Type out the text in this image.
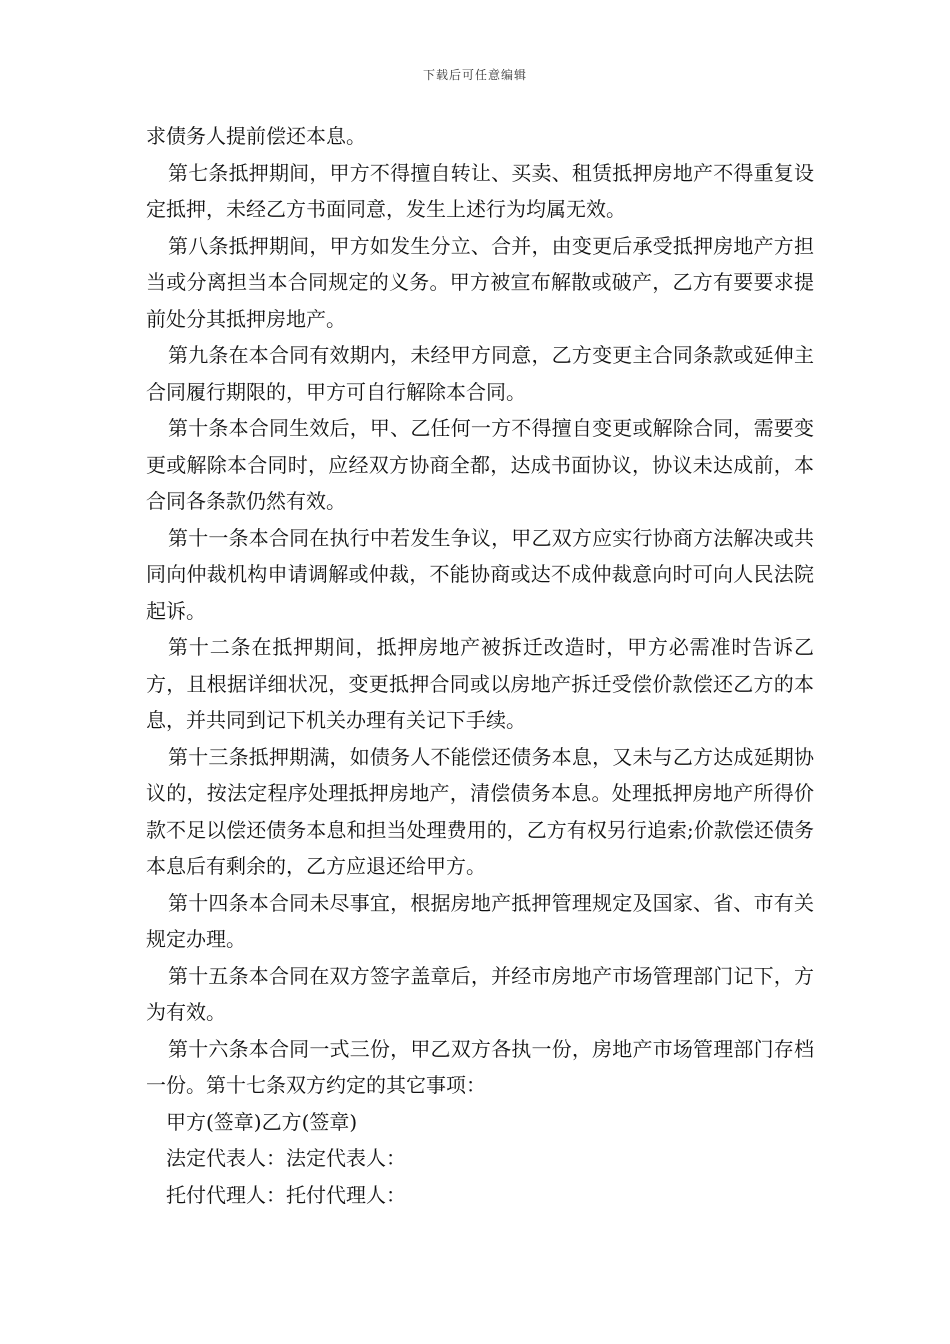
下载后可任意编辑

求债务人提前偿还本息。

第七条抵押期间，甲方不得擅自转让、买卖、租赁抵押房地产不得重复设定抵押，未经乙方书面同意，发生上述行为均属无效。

第八条抵押期间，甲方如发生分立、合并，由变更后承受抵押房地产方担当或分离担当本合同规定的义务。甲方被宣布解散或破产，乙方有要要求提前处分其抵押房地产。

第九条在本合同有效期内，未经甲方同意，乙方变更主合同条款或延伸主合同履行期限的，甲方可自行解除本合同。

第十条本合同生效后，甲、乙任何一方不得擅自变更或解除合同，需要变更或解除本合同时，应经双方协商全都，达成书面协议，协议未达成前，本合同各条款仍然有效。

第十一条本合同在执行中若发生争议，甲乙双方应实行协商方法解决或共同向仲裁机构申请调解或仲裁，不能协商或达不成仲裁意向时可向人民法院起诉。

第十二条在抵押期间，抵押房地产被拆迁改造时，甲方必需准时告诉乙方，且根据详细状况，变更抵押合同或以房地产拆迁受偿价款偿还乙方的本息，并共同到记下机关办理有关记下手续。

第十三条抵押期满，如债务人不能偿还债务本息，又未与乙方达成延期协议的，按法定程序处理抵押房地产，清偿债务本息。处理抵押房地产所得价款不足以偿还债务本息和担当处理费用的，乙方有权另行追索;价款偿还债务本息后有剩余的，乙方应退还给甲方。

第十四条本合同未尽事宜，根据房地产抵押管理规定及国家、省、市有关规定办理。

第十五条本合同在双方签字盖章后，并经市房地产市场管理部门记下，方为有效。

第十六条本合同一式三份，甲乙双方各执一份，房地产市场管理部门存档一份。第十七条双方约定的其它事项：

甲方(签章)乙方(签章)

法定代表人：法定代表人：

托付代理人：托付代理人：
